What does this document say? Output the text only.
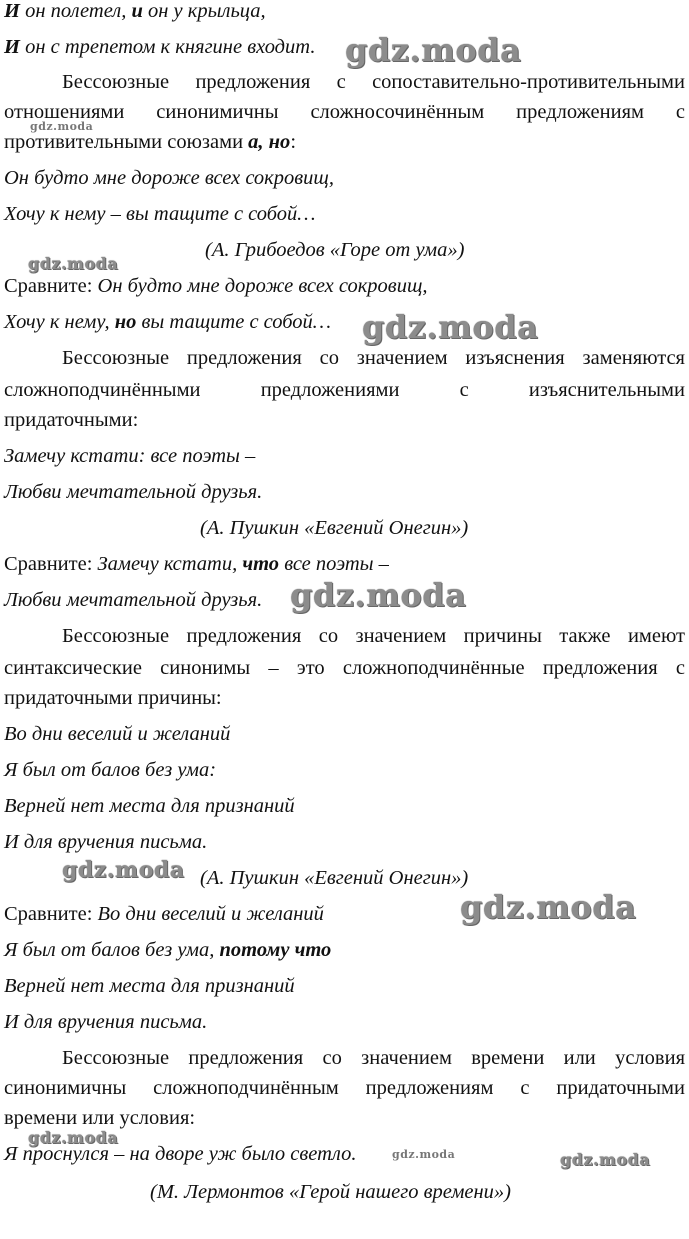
И он полетел, и он у крыльца,
И он с трепетом к княгине входит.
Бессоюзные предложения с сопоставительно-противительными
отношениями синонимичны сложносочинённым предложениям с
противительными союзами а, но:
Он будто мне дороже всех сокровищ,
Хочу к нему – вы тащите с собой…
(А. Грибоедов «Горе от ума»)
Сравните: Он будто мне дороже всех сокровищ,
Хочу к нему, но вы тащите с собой…
Бессоюзные предложения со значением изъяснения заменяются
сложноподчинёнными предложениями с изъяснительными
придаточными:
Замечу кстати: все поэты –
Любви мечтательной друзья.
(А. Пушкин «Евгений Онегин»)
Сравните: Замечу кстати, что все поэты –
Любви мечтательной друзья.
Бессоюзные предложения со значением причины также имеют
синтаксические синонимы – это сложноподчинённые предложения с
придаточными причины:
Во дни веселий и желаний
Я был от балов без ума:
Верней нет места для признаний
И для вручения письма.
(А. Пушкин «Евгений Онегин»)
Сравните: Во дни веселий и желаний
Я был от балов без ума, потому что
Верней нет места для признаний
И для вручения письма.
Бессоюзные предложения со значением времени или условия
синонимичны сложноподчинённым предложениям с придаточными
времени или условия:
Я проснулся – на дворе уж было светло.
(М. Лермонтов «Герой нашего времени»)
gdz.moda
gdz.moda
gdz.moda
gdz.moda
gdz.moda
gdz.moda
gdz.moda
gdz.moda
gdz.moda	gdz.moda
